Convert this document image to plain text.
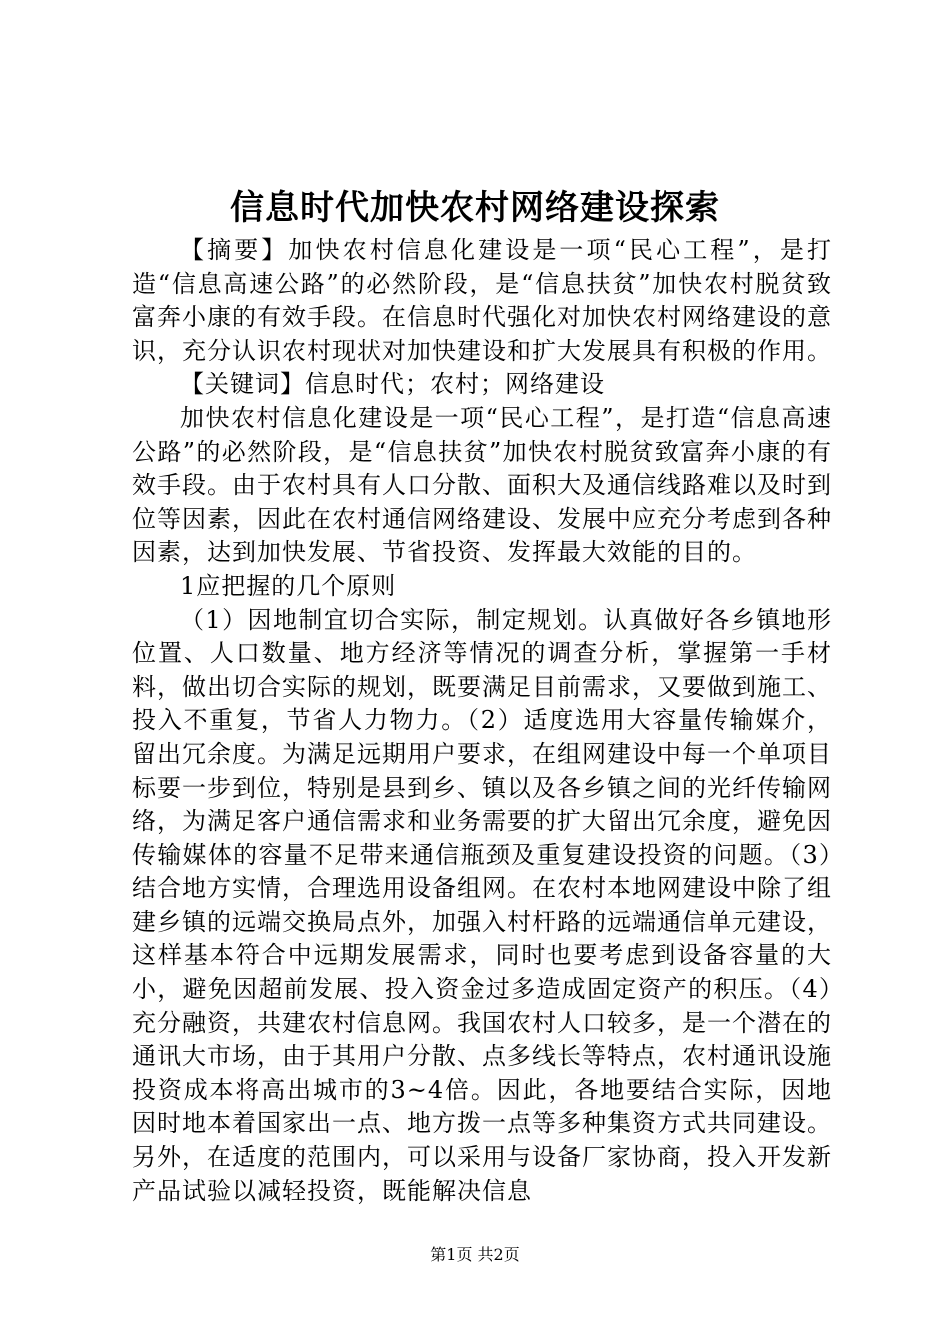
信息时代加快农村网络建设探索

【摘要】加快农村信息化建设是一项“民心工程”，是打造“信息高速公路”的必然阶段，是“信息扶贫”加快农村脱贫致富奔小康的有效手段。在信息时代强化对加快农村网络建设的意识，充分认识农村现状对加快建设和扩大发展具有积极的作用。

【关键词】信息时代；农村；网络建设

加快农村信息化建设是一项“民心工程”，是打造“信息高速公路”的必然阶段，是“信息扶贫”加快农村脱贫致富奔小康的有效手段。由于农村具有人口分散、面积大及通信线路难以及时到位等因素，因此在农村通信网络建设、发展中应充分考虑到各种因素，达到加快发展、节省投资、发挥最大效能的目的。

1应把握的几个原则

（1）因地制宜切合实际，制定规划。认真做好各乡镇地形位置、人口数量、地方经济等情况的调查分析，掌握第一手材料，做出切合实际的规划，既要满足目前需求，又要做到施工、投入不重复，节省人力物力。（2）适度选用大容量传输媒介，留出冗余度。为满足远期用户要求，在组网建设中每一个单项目标要一步到位，特别是县到乡、镇以及各乡镇之间的光纤传输网络，为满足客户通信需求和业务需要的扩大留出冗余度，避免因传输媒体的容量不足带来通信瓶颈及重复建设投资的问题。（3）结合地方实情，合理选用设备组网。在农村本地网建设中除了组建乡镇的远端交换局点外，加强入村杆路的远端通信单元建设，这样基本符合中远期发展需求，同时也要考虑到设备容量的大小，避免因超前发展、投入资金过多造成固定资产的积压。（4）充分融资，共建农村信息网。我国农村人口较多，是一个潜在的通讯大市场，由于其用户分散、点多线长等特点，农村通讯设施投资成本将高出城市的3~4倍。因此，各地要结合实际，因地因时地本着国家出一点、地方拨一点等多种集资方式共同建设。另外，在适度的范围内，可以采用与设备厂家协商，投入开发新产品试验以减轻投资，既能解决信息

第1页 共2页
